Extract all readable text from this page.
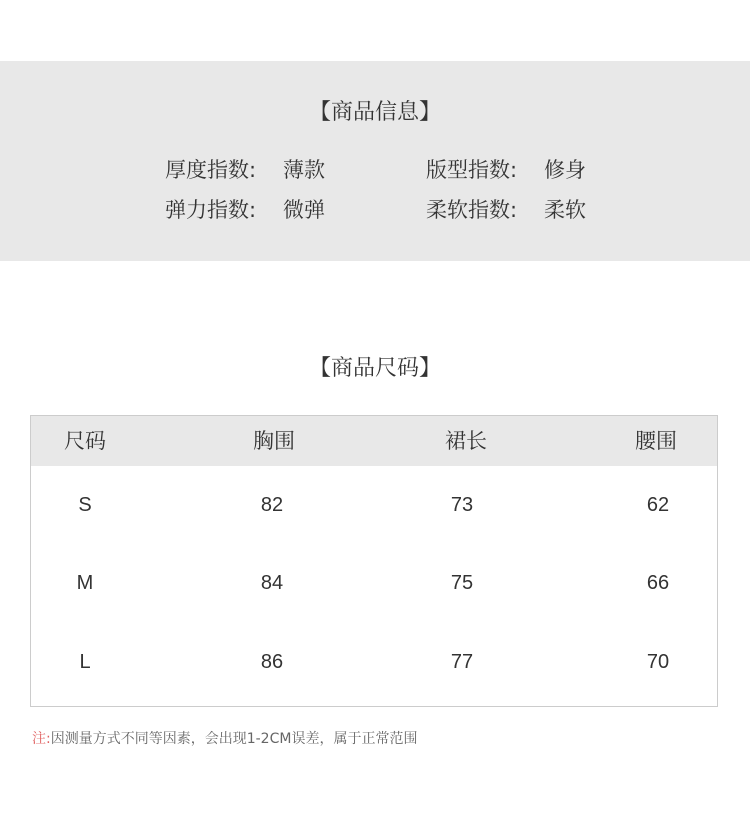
【商品信息】
厚度指数: 薄款	版型指数: 修身
弹力指数: 微弹	柔软指数: 柔软
【商品尺码】
尺码	胸围	裙长	腰围
S	82	73	62
M	84	75	66
L	86	77	70
注:因测量方式不同等因素，会出现1-2CM误差，属于正常范围
